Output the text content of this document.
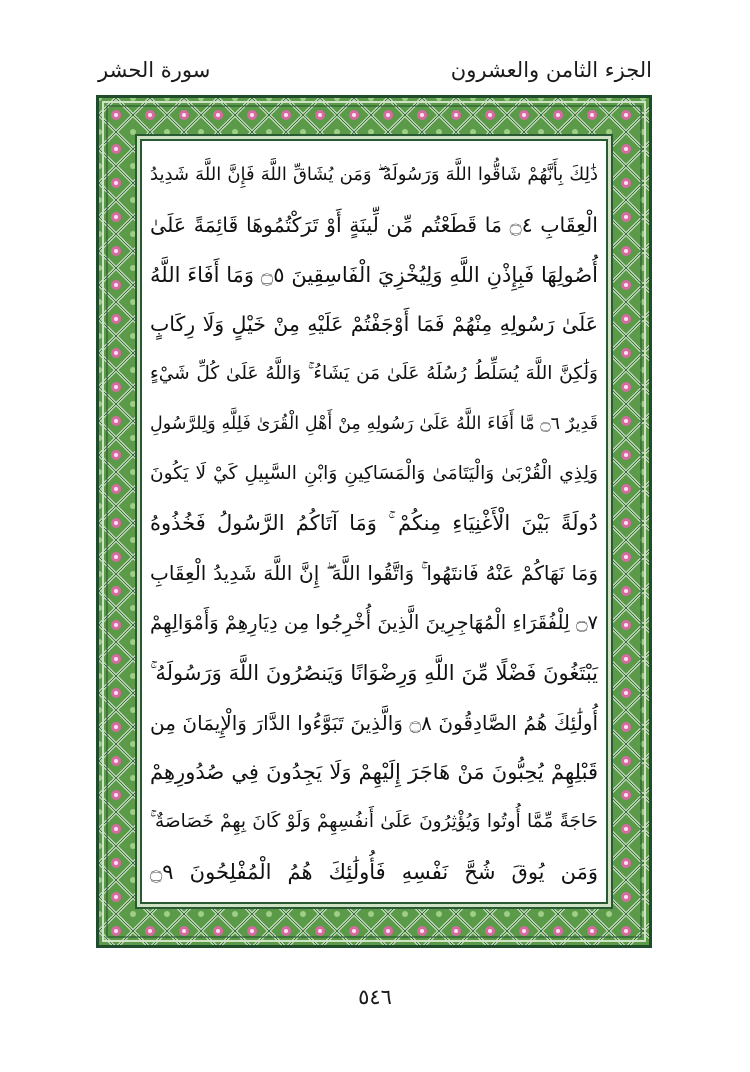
سورة الحشر	الجزء الثامن والعشرون
ذَٰلِكَ بِأَنَّهُمْ شَاقُّوا اللَّهَ وَرَسُولَهُ ۖ وَمَن يُشَاقِّ اللَّهَ فَإِنَّ اللَّهَ شَدِيدُ
الْعِقَابِ ۝٤ مَا قَطَعْتُم مِّن لِّينَةٍ أَوْ تَرَكْتُمُوهَا قَائِمَةً عَلَىٰ
أُصُولِهَا فَبِإِذْنِ اللَّهِ وَلِيُخْزِيَ الْفَاسِقِينَ ۝٥ وَمَا أَفَاءَ اللَّهُ
عَلَىٰ رَسُولِهِ مِنْهُمْ فَمَا أَوْجَفْتُمْ عَلَيْهِ مِنْ خَيْلٍ وَلَا رِكَابٍ
وَلَٰكِنَّ اللَّهَ يُسَلِّطُ رُسُلَهُ عَلَىٰ مَن يَشَاءُ ۚ وَاللَّهُ عَلَىٰ كُلِّ شَيْءٍ
قَدِيرٌ ۝٦ مَّا أَفَاءَ اللَّهُ عَلَىٰ رَسُولِهِ مِنْ أَهْلِ الْقُرَىٰ فَلِلَّهِ وَلِلرَّسُولِ
وَلِذِي الْقُرْبَىٰ وَالْيَتَامَىٰ وَالْمَسَاكِينِ وَابْنِ السَّبِيلِ كَيْ لَا يَكُونَ
دُولَةً بَيْنَ الْأَغْنِيَاءِ مِنكُمْ ۚ وَمَا آتَاكُمُ الرَّسُولُ فَخُذُوهُ
وَمَا نَهَاكُمْ عَنْهُ فَانتَهُوا ۚ وَاتَّقُوا اللَّهَ ۖ إِنَّ اللَّهَ شَدِيدُ الْعِقَابِ
۝٧ لِلْفُقَرَاءِ الْمُهَاجِرِينَ الَّذِينَ أُخْرِجُوا مِن دِيَارِهِمْ وَأَمْوَالِهِمْ
يَبْتَغُونَ فَضْلًا مِّنَ اللَّهِ وَرِضْوَانًا وَيَنصُرُونَ اللَّهَ وَرَسُولَهُ ۚ
أُولَٰئِكَ هُمُ الصَّادِقُونَ ۝٨ وَالَّذِينَ تَبَوَّءُوا الدَّارَ وَالْإِيمَانَ مِن
قَبْلِهِمْ يُحِبُّونَ مَنْ هَاجَرَ إِلَيْهِمْ وَلَا يَجِدُونَ فِي صُدُورِهِمْ
حَاجَةً مِّمَّا أُوتُوا وَيُؤْثِرُونَ عَلَىٰ أَنفُسِهِمْ وَلَوْ كَانَ بِهِمْ خَصَاصَةٌ ۚ
وَمَن يُوقَ شُحَّ نَفْسِهِ فَأُولَٰئِكَ هُمُ الْمُفْلِحُونَ ۝٩
٥٤٦
